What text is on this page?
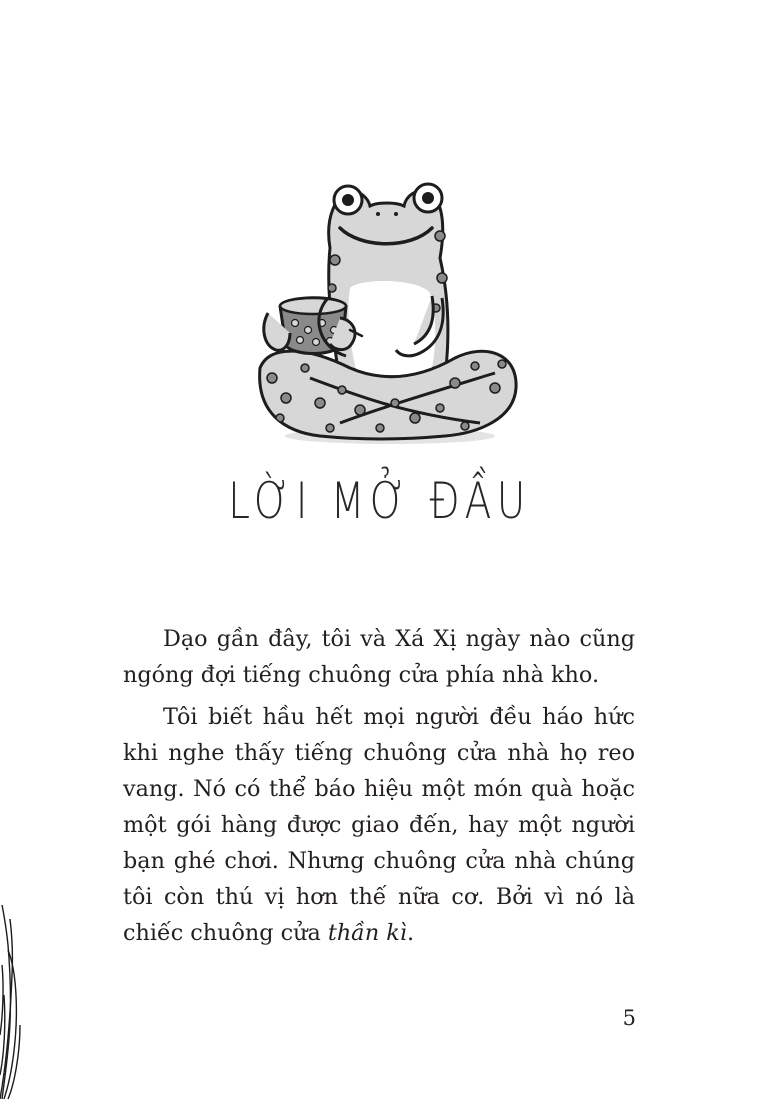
LỜI MỞ ĐẦU

Dạo gần đây, tôi và Xá Xị ngày nào cũng ngóng đợi tiếng chuông cửa phía nhà kho.

Tôi biết hầu hết mọi người đều háo hức khi nghe thấy tiếng chuông cửa nhà họ reo vang. Nó có thể báo hiệu một món quà hoặc một gói hàng được giao đến, hay một người bạn ghé chơi. Nhưng chuông cửa nhà chúng tôi còn thú vị hơn thế nữa cơ. Bởi vì nó là chiếc chuông cửa thần kì.

5
